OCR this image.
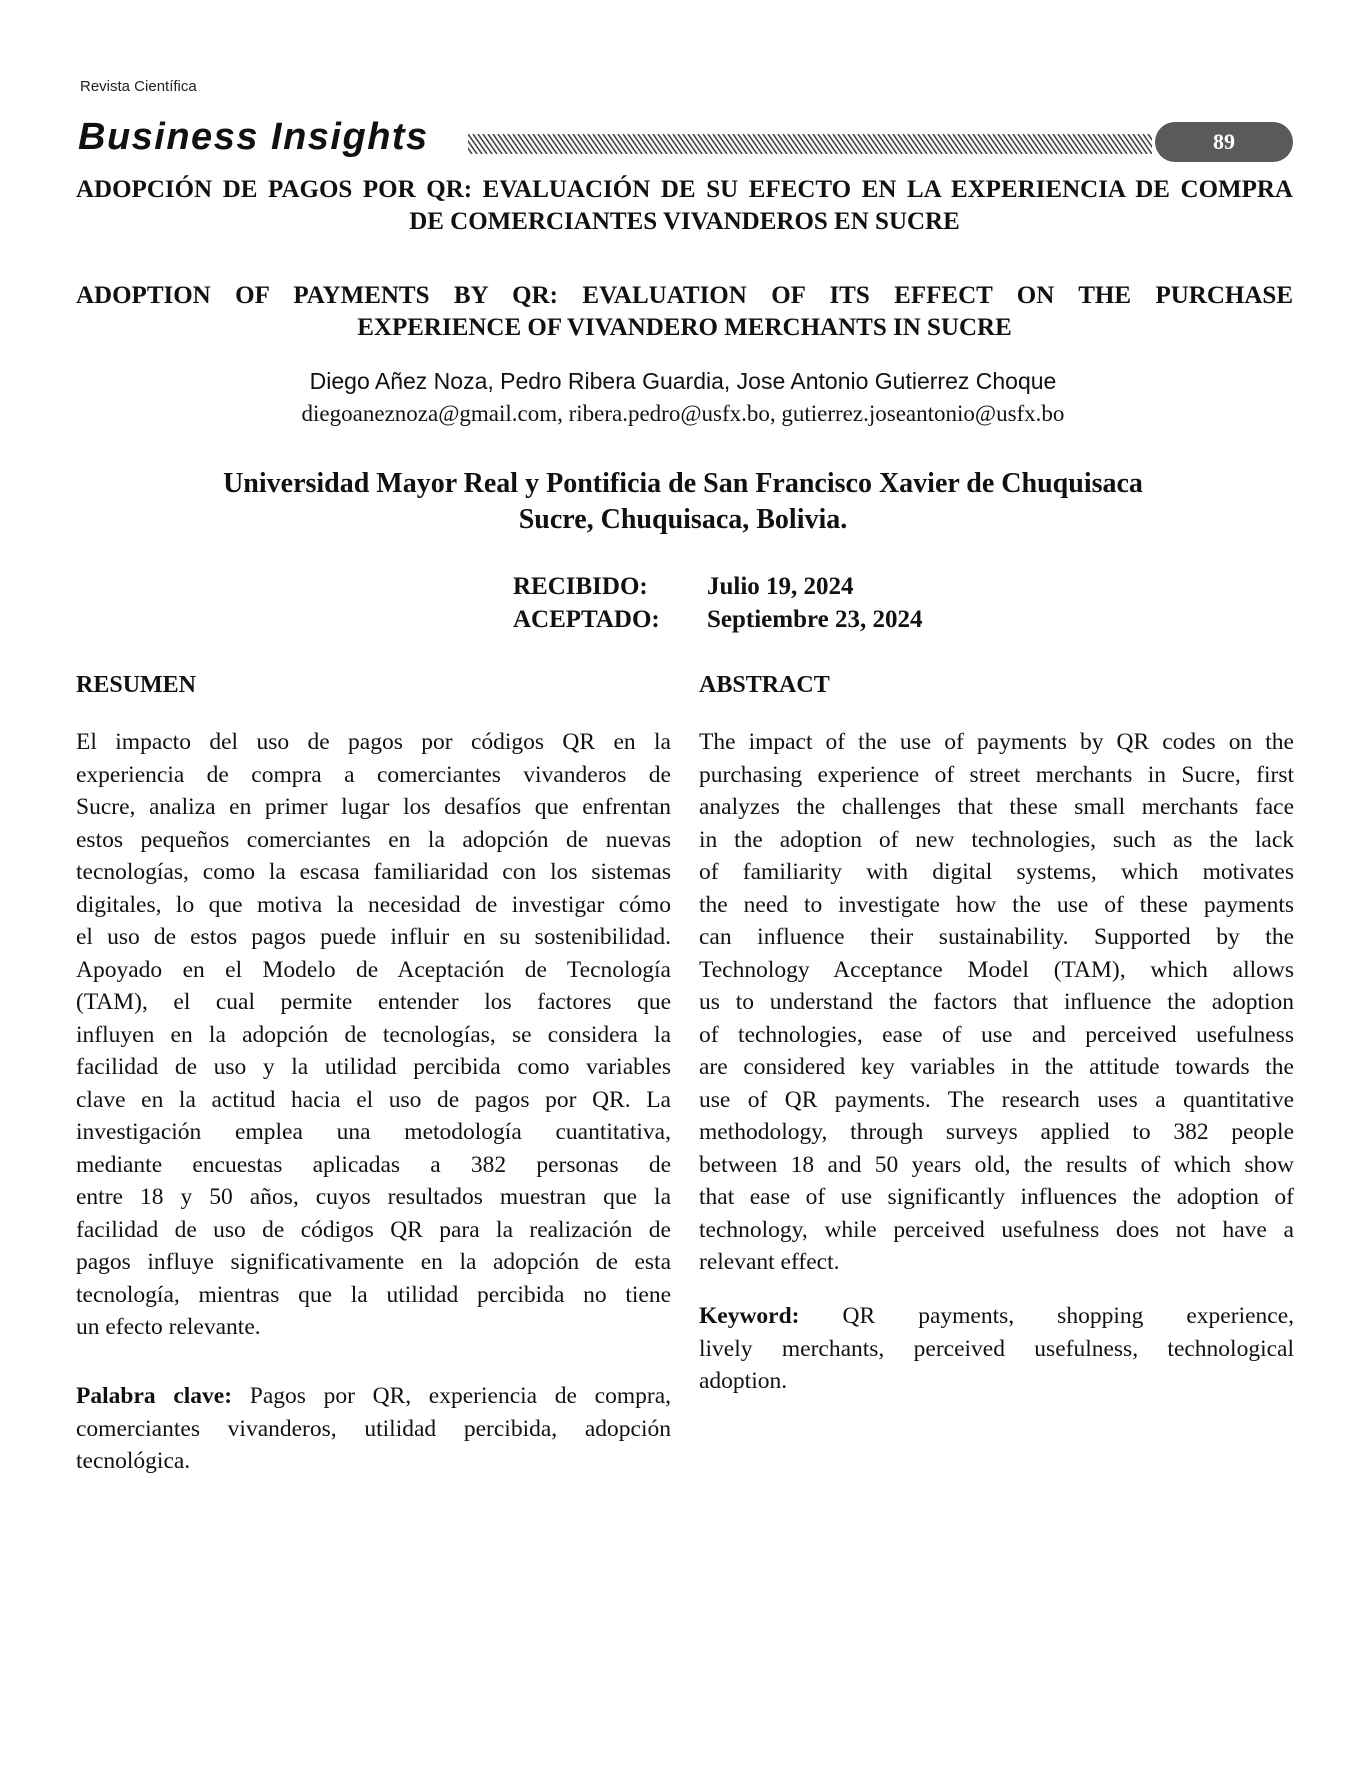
Revista Científica
Business Insights	89
ADOPCIÓN DE PAGOS POR QR: EVALUACIÓN DE SU EFECTO EN LA EXPERIENCIA DE COMPRA
DE COMERCIANTES VIVANDEROS EN SUCRE
ADOPTION OF PAYMENTS BY QR: EVALUATION OF ITS EFFECT ON THE PURCHASE
EXPERIENCE OF VIVANDERO MERCHANTS IN SUCRE
Diego Añez Noza, Pedro Ribera Guardia, Jose Antonio Gutierrez Choque
diegoaneznoza@gmail.com, ribera.pedro@usfx.bo, gutierrez.joseantonio@usfx.bo
Universidad Mayor Real y Pontificia de San Francisco Xavier de Chuquisaca
Sucre, Chuquisaca, Bolivia.
RECIBIDO:	Julio 19, 2024
ACEPTADO:	Septiembre 23, 2024
RESUMEN	ABSTRACT
El impacto del uso de pagos por códigos QR en la
experiencia de compra a comerciantes vivanderos de
Sucre, analiza en primer lugar los desafíos que enfrentan
estos pequeños comerciantes en la adopción de nuevas
tecnologías, como la escasa familiaridad con los sistemas
digitales, lo que motiva la necesidad de investigar cómo
el uso de estos pagos puede influir en su sostenibilidad.
Apoyado en el Modelo de Aceptación de Tecnología
(TAM), el cual permite entender los factores que
influyen en la adopción de tecnologías, se considera la
facilidad de uso y la utilidad percibida como variables
clave en la actitud hacia el uso de pagos por QR. La
investigación emplea una metodología cuantitativa,
mediante encuestas aplicadas a 382 personas de
entre 18 y 50 años, cuyos resultados muestran que la
facilidad de uso de códigos QR para la realización de
pagos influye significativamente en la adopción de esta
tecnología, mientras que la utilidad percibida no tiene
un efecto relevante.
Palabra clave: Pagos por QR, experiencia de compra,
comerciantes vivanderos, utilidad percibida, adopción
tecnológica.
The impact of the use of payments by QR codes on the
purchasing experience of street merchants in Sucre, first
analyzes the challenges that these small merchants face
in the adoption of new technologies, such as the lack
of familiarity with digital systems, which motivates
the need to investigate how the use of these payments
can influence their sustainability. Supported by the
Technology Acceptance Model (TAM), which allows
us to understand the factors that influence the adoption
of technologies, ease of use and perceived usefulness
are considered key variables in the attitude towards the
use of QR payments. The research uses a quantitative
methodology, through surveys applied to 382 people
between 18 and 50 years old, the results of which show
that ease of use significantly influences the adoption of
technology, while perceived usefulness does not have a
relevant effect.
Keyword: QR payments, shopping experience,
lively merchants, perceived usefulness, technological
adoption.
